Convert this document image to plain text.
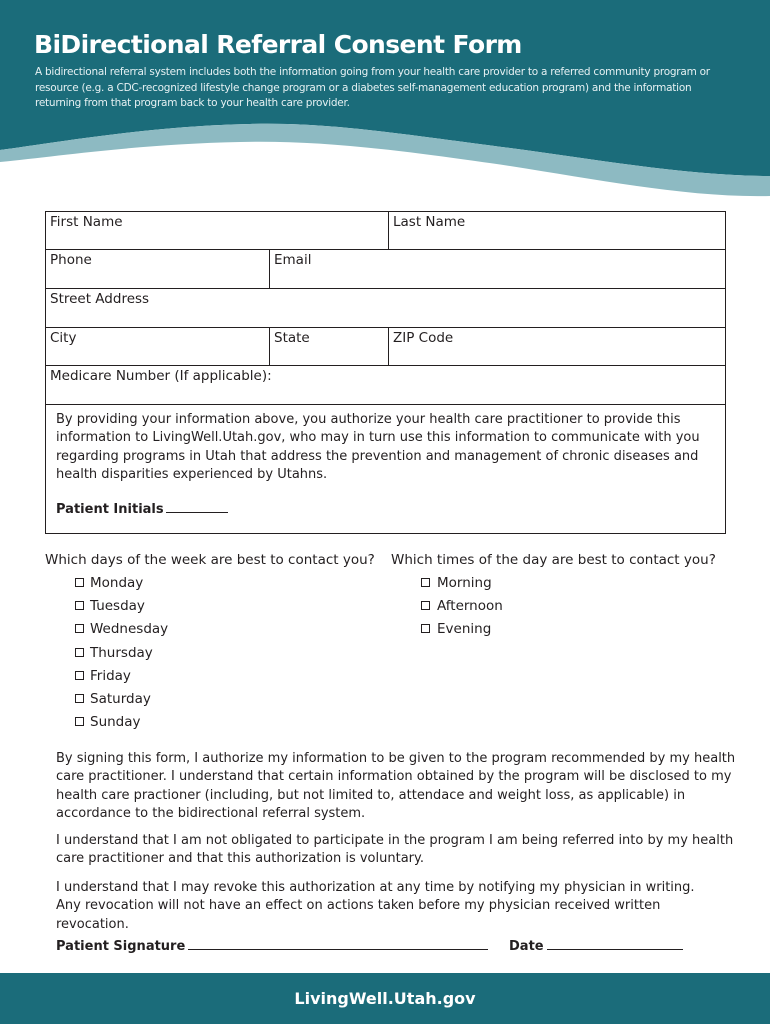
BiDirectional Referral Consent Form
A bidirectional referral system includes both the information going from your health care provider to a referred community program or resource (e.g. a CDC-recognized lifestyle change program or a diabetes self-management education program) and the information returning from that program back to your health care provider.
First Name	Last Name
Phone	Email
Street Address
City	State	ZIP Code
Medicare Number (If applicable):
By providing your information above, you authorize your health care practitioner to provide this information to LivingWell.Utah.gov, who may in turn use this information to communicate with you regarding programs in Utah that address the prevention and management of chronic diseases and health disparities experienced by Utahns.
Patient Initials
Which days of the week are best to contact you?
Monday
Tuesday
Wednesday
Thursday
Friday
Saturday
Sunday
Which times of the day are best to contact you?
Morning
Afternoon
Evening
By signing this form, I authorize my information to be given to the program recommended by my health care practitioner. I understand that certain information obtained by the program will be disclosed to my health care practioner (including, but not limited to, attendace and weight loss, as applicable) in accordance to the bidirectional referral system.
I understand that I am not obligated to participate in the program I am being referred into by my health care practitioner and that this authorization is voluntary.
I understand that I may revoke this authorization at any time by notifying my physician in writing.
Any revocation will not have an effect on actions taken before my physician received written revocation.
Patient Signature	Date
LivingWell.Utah.gov
